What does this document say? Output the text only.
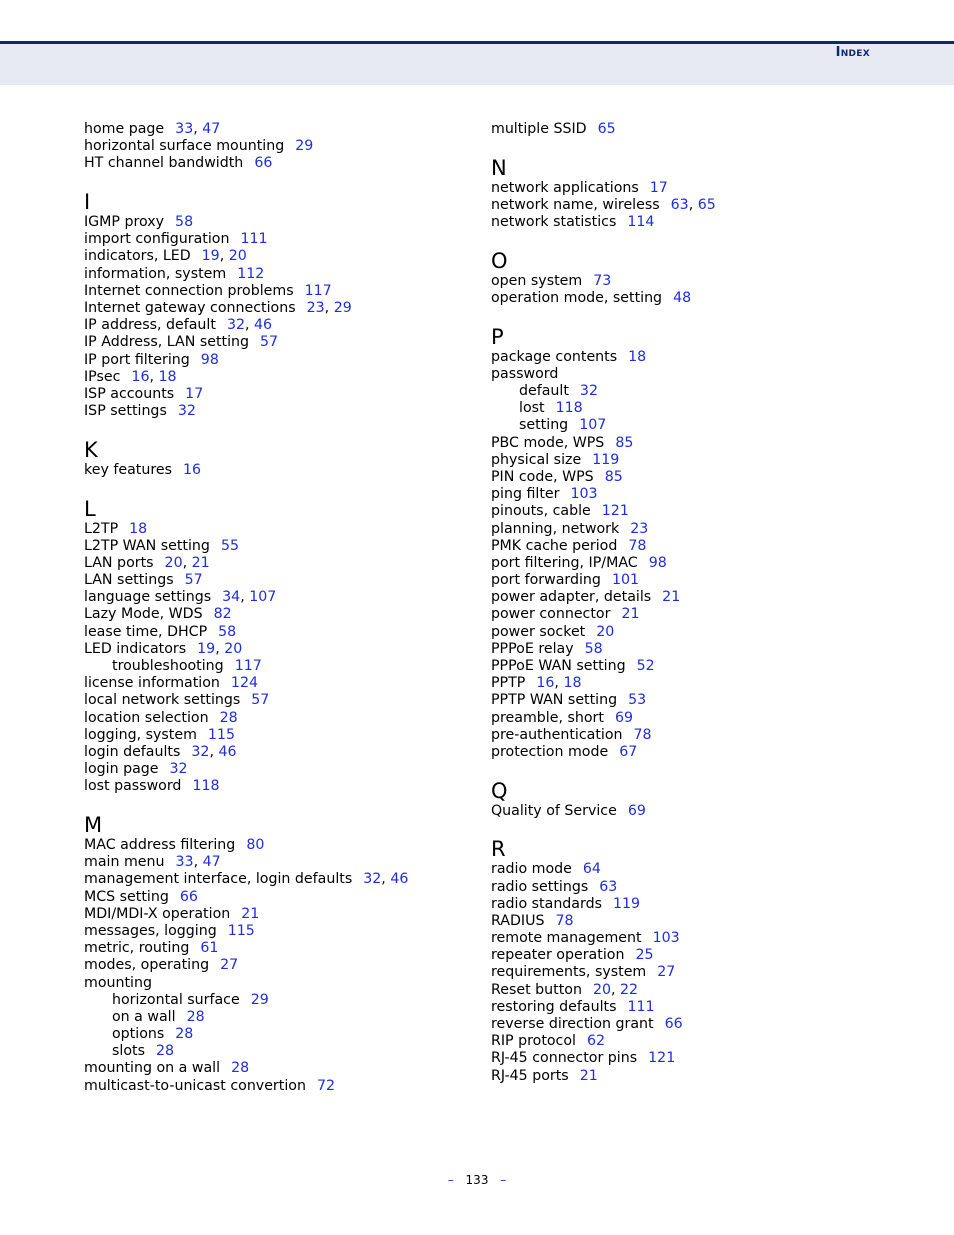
Index
home page 33, 47
horizontal surface mounting 29
HT channel bandwidth 66
I
IGMP proxy 58
import configuration 111
indicators, LED 19, 20
information, system 112
Internet connection problems 117
Internet gateway connections 23, 29
IP address, default 32, 46
IP Address, LAN setting 57
IP port filtering 98
IPsec 16, 18
ISP accounts 17
ISP settings 32
K
key features 16
L
L2TP 18
L2TP WAN setting 55
LAN ports 20, 21
LAN settings 57
language settings 34, 107
Lazy Mode, WDS 82
lease time, DHCP 58
LED indicators 19, 20
troubleshooting 117
license information 124
local network settings 57
location selection 28
logging, system 115
login defaults 32, 46
login page 32
lost password 118
M
MAC address filtering 80
main menu 33, 47
management interface, login defaults 32, 46
MCS setting 66
MDI/MDI-X operation 21
messages, logging 115
metric, routing 61
modes, operating 27
mounting
horizontal surface 29
on a wall 28
options 28
slots 28
mounting on a wall 28
multicast-to-unicast convertion 72
multiple SSID 65
N
network applications 17
network name, wireless 63, 65
network statistics 114
O
open system 73
operation mode, setting 48
P
package contents 18
password
default 32
lost 118
setting 107
PBC mode, WPS 85
physical size 119
PIN code, WPS 85
ping filter 103
pinouts, cable 121
planning, network 23
PMK cache period 78
port filtering, IP/MAC 98
port forwarding 101
power adapter, details 21
power connector 21
power socket 20
PPPoE relay 58
PPPoE WAN setting 52
PPTP 16, 18
PPTP WAN setting 53
preamble, short 69
pre-authentication 78
protection mode 67
Q
Quality of Service 69
R
radio mode 64
radio settings 63
radio standards 119
RADIUS 78
remote management 103
repeater operation 25
requirements, system 27
Reset button 20, 22
restoring defaults 111
reverse direction grant 66
RIP protocol 62
RJ-45 connector pins 121
RJ-45 ports 21
– 133 –
